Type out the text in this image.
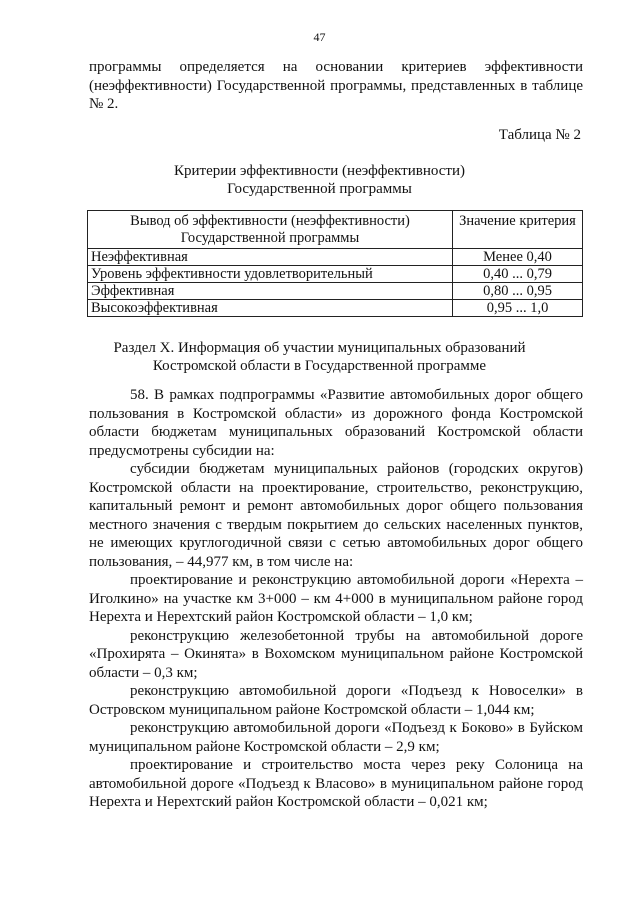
47
программы определяется на основании критериев эффективности (неэффективности) Государственной программы, представленных в таблице № 2.
Таблица № 2
Критерии эффективности (неэффективности)
Государственной программы
Вывод об эффективности (неэффективности) Государственной программы	Значение критерия
Неэффективная	Менее 0,40
Уровень эффективности удовлетворительный	0,40 ... 0,79
Эффективная	0,80 ... 0,95
Высокоэффективная	0,95 ... 1,0
Раздел X. Информация об участии муниципальных образований
Костромской области в Государственной программе

58. В рамках подпрограммы «Развитие автомобильных дорог общего пользования в Костромской области» из дорожного фонда Костромской области бюджетам муниципальных образований Костромской области предусмотрены субсидии на:

субсидии бюджетам муниципальных районов (городских округов) Костромской области на проектирование, строительство, реконструкцию, капитальный ремонт и ремонт автомобильных дорог общего пользования местного значения с твердым покрытием до сельских населенных пунктов, не имеющих круглогодичной связи с сетью автомобильных дорог общего пользования, – 44,977 км, в том числе на:

проектирование и реконструкцию автомобильной дороги «Нерехта – Иголкино» на участке км 3+000 – км 4+000 в муниципальном районе город Нерехта и Нерехтский район Костромской области – 1,0 км;

реконструкцию железобетонной трубы на автомобильной дороге «Прохирята – Окинята» в Вохомском муниципальном районе Костромской области – 0,3 км;

реконструкцию автомобильной дороги «Подъезд к Новоселки» в Островском муниципальном районе Костромской области – 1,044 км;

реконструкцию автомобильной дороги «Подъезд к Боково» в Буйском муниципальном районе Костромской области – 2,9 км;

проектирование и строительство моста через реку Солоница на автомобильной дороге «Подъезд к Власово» в муниципальном районе город Нерехта и Нерехтский район Костромской области – 0,021 км;
